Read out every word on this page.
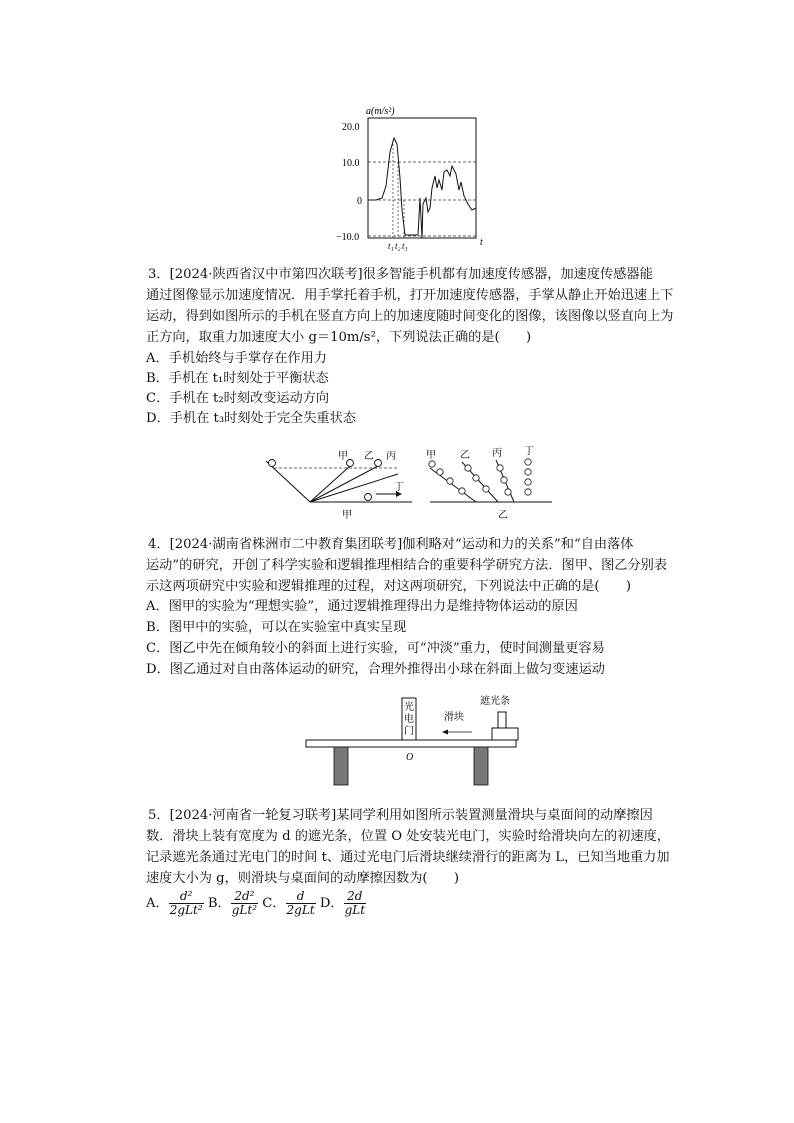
a(m/s²)
20.0
10.0
0
−10.0
t₁ t₂ t₃	t
3．[2024·陕西省汉中市第四次联考]很多智能手机都有加速度传感器，加速度传感器能
通过图像显示加速度情况．用手掌托着手机，打开加速度传感器，手掌从静止开始迅速上下
运动，得到如图所示的手机在竖直方向上的加速度随时间变化的图像，该图像以竖直向上为
正方向，取重力加速度大小 g＝10m/s²，下列说法正确的是(　　)
A．手机始终与手掌存在作用力
B．手机在 t₁时刻处于平衡状态
C．手机在 t₂时刻改变运动方向
D．手机在 t₃时刻处于完全失重状态
甲 乙 丙
丁
甲
甲 乙 丙 丁
乙
4．[2024·湖南省株洲市二中教育集团联考]伽利略对“运动和力的关系”和“自由落体
运动”的研究，开创了科学实验和逻辑推理相结合的重要科学研究方法．图甲、图乙分别表
示这两项研究中实验和逻辑推理的过程，对这两项研究，下列说法中正确的是(　　)
A．图甲的实验为“理想实验”，通过逻辑推理得出力是维持物体运动的原因
B．图甲中的实验，可以在实验室中真实呈现
C．图乙中先在倾角较小的斜面上进行实验，可“冲淡”重力，使时间测量更容易
D．图乙通过对自由落体运动的研究，合理外推得出小球在斜面上做匀变速运动
光
电
门
遮光条
滑块
O
5．[2024·河南省一轮复习联考]某同学利用如图所示装置测量滑块与桌面间的动摩擦因
数．滑块上装有宽度为 d 的遮光条，位置 O 处安装光电门，实验时给滑块向左的初速度，
记录遮光条通过光电门的时间 t、通过光电门后滑块继续滑行的距离为 L，已知当地重力加
速度大小为 g，则滑块与桌面间的动摩擦因数为(　　)
A． $\frac{\text{d²}}{\text{2gLt²}}$ B． $\frac{\text{2d²}}{\text{gLt²}}$ C． $\frac{d}{\text{2gLt}}$ D． $\frac{2d}{\text{gLt}}$
